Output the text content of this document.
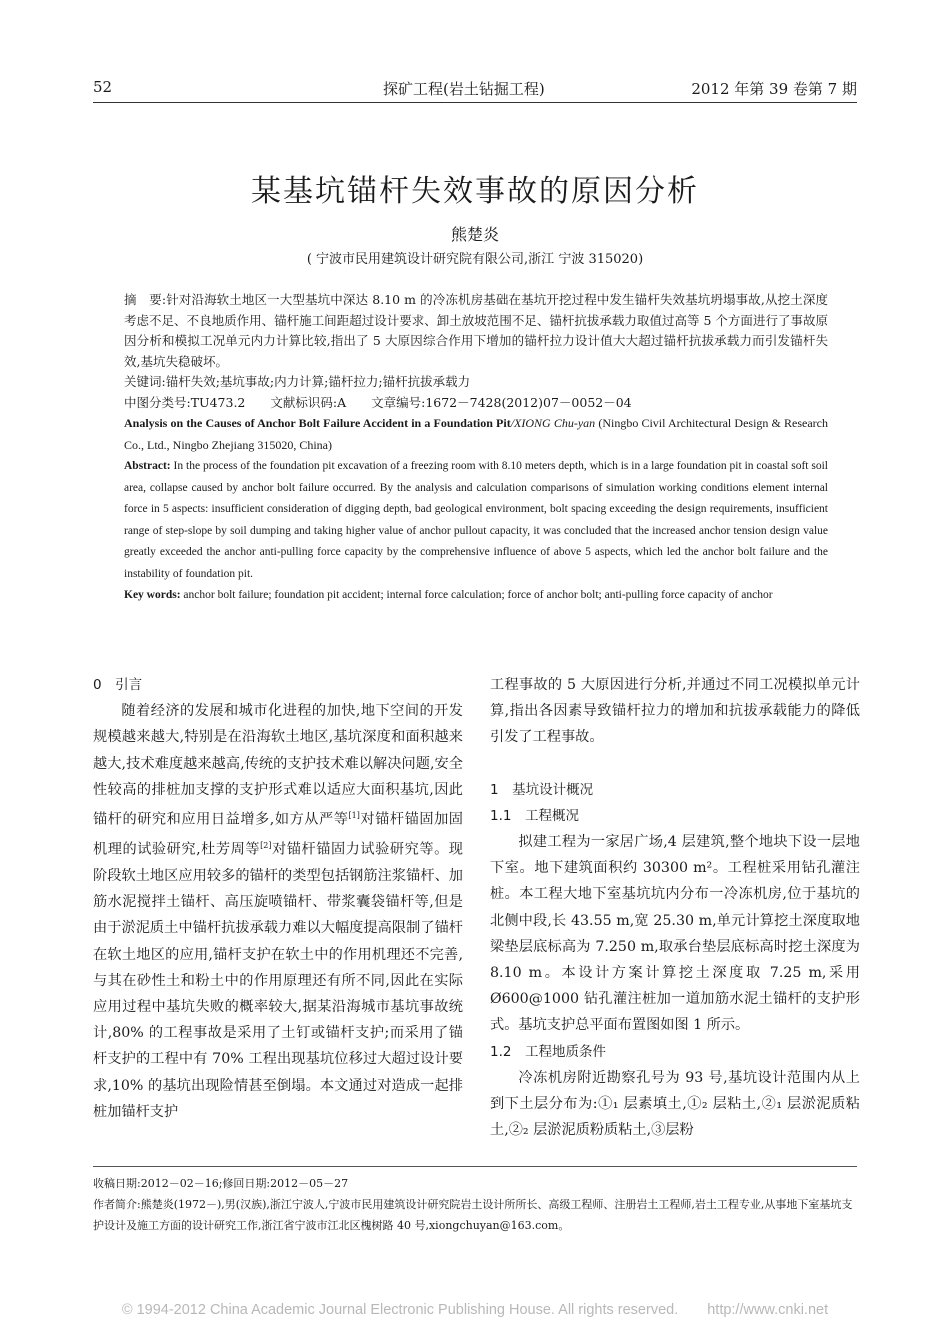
52	探矿工程(岩土钻掘工程)	2012 年第 39 卷第 7 期
某基坑锚杆失效事故的原因分析
熊楚炎
( 宁波市民用建筑设计研究院有限公司,浙江 宁波 315020)

摘　要:针对沿海软土地区一大型基坑中深达 8.10 m 的冷冻机房基础在基坑开挖过程中发生锚杆失效基坑坍塌事故,从挖土深度考虑不足、不良地质作用、锚杆施工间距超过设计要求、卸土放坡范围不足、锚杆抗拔承载力取值过高等 5 个方面进行了事故原因分析和模拟工况单元内力计算比较,指出了 5 大原因综合作用下增加的锚杆拉力设计值大大超过锚杆抗拔承载力而引发锚杆失效,基坑失稳破坏。

关键词:锚杆失效;基坑事故;内力计算;锚杆拉力;锚杆抗拔承载力

中图分类号:TU473.2　　文献标识码:A　　文章编号:1672－7428(2012)07－0052－04

Analysis on the Causes of Anchor Bolt Failure Accident in a Foundation Pit/XIONG Chu-yan (Ningbo Civil Architectural Design & Research Co., Ltd., Ningbo Zhejiang 315020, China)

Abstract: In the process of the foundation pit excavation of a freezing room with 8.10 meters depth, which is in a large foundation pit in coastal soft soil area, collapse caused by anchor bolt failure occurred. By the analysis and calculation comparisons of simulation working conditions element internal force in 5 aspects: insufficient consideration of digging depth, bad geological environment, bolt spacing exceeding the design requirements, insufficient range of step-slope by soil dumping and taking higher value of anchor pullout capacity, it was concluded that the increased anchor tension design value greatly exceeded the anchor anti-pulling force capacity by the comprehensive influence of above 5 aspects, which led the anchor bolt failure and the instability of foundation pit.

Key words: anchor bolt failure; foundation pit accident; internal force calculation; force of anchor bolt; anti-pulling force capacity of anchor

0　引言

随着经济的发展和城市化进程的加快,地下空间的开发规模越来越大,特别是在沿海软土地区,基坑深度和面积越来越大,技术难度越来越高,传统的支护技术难以解决问题,安全性较高的排桩加支撑的支护形式难以适应大面积基坑,因此锚杆的研究和应用日益增多,如方从严等[1]对锚杆锚固加固机理的试验研究,杜芳周等[2]对锚杆锚固力试验研究等。现阶段软土地区应用较多的锚杆的类型包括钢筋注浆锚杆、加筋水泥搅拌土锚杆、高压旋喷锚杆、带浆囊袋锚杆等,但是由于淤泥质土中锚杆抗拔承载力难以大幅度提高限制了锚杆在软土地区的应用,锚杆支护在软土中的作用机理还不完善,与其在砂性土和粉土中的作用原理还有所不同,因此在实际应用过程中基坑失败的概率较大,据某沿海城市基坑事故统计,80% 的工程事故是采用了土钉或锚杆支护;而采用了锚杆支护的工程中有 70% 工程出现基坑位移过大超过设计要求,10% 的基坑出现险情甚至倒塌。本文通过对造成一起排桩加锚杆支护

工程事故的 5 大原因进行分析,并通过不同工况模拟单元计算,指出各因素导致锚杆拉力的增加和抗拔承载能力的降低引发了工程事故。

1　基坑设计概况

1.1　工程概况

拟建工程为一家居广场,4 层建筑,整个地块下设一层地下室。地下建筑面积约 30300 m²。工程桩采用钻孔灌注桩。本工程大地下室基坑坑内分布一冷冻机房,位于基坑的北侧中段,长 43.55 m,宽 25.30 m,单元计算挖土深度取地梁垫层底标高为 7.250 m,取承台垫层底标高时挖土深度为 8.10 m。本设计方案计算挖土深度取 7.25 m,采用 Ø600@1000 钻孔灌注桩加一道加筋水泥土锚杆的支护形式。基坑支护总平面布置图如图 1 所示。

1.2　工程地质条件

冷冻机房附近勘察孔号为 93 号,基坑设计范围内从上到下土层分布为:①₁ 层素填土,①₂ 层粘土,②₁ 层淤泥质粘土,②₂ 层淤泥质粉质粘土,③层粉

收稿日期:2012－02－16;修回日期:2012－05－27

作者简介:熊楚炎(1972－),男(汉族),浙江宁波人,宁波市民用建筑设计研究院岩土设计所所长、高级工程师、注册岩土工程师,岩土工程专业,从事地下室基坑支护设计及施工方面的设计研究工作,浙江省宁波市江北区槐树路 40 号,xiongchuyan@163.com。

© 1994-2012 China Academic Journal Electronic Publishing House. All rights reserved.　　http://www.cnki.net
